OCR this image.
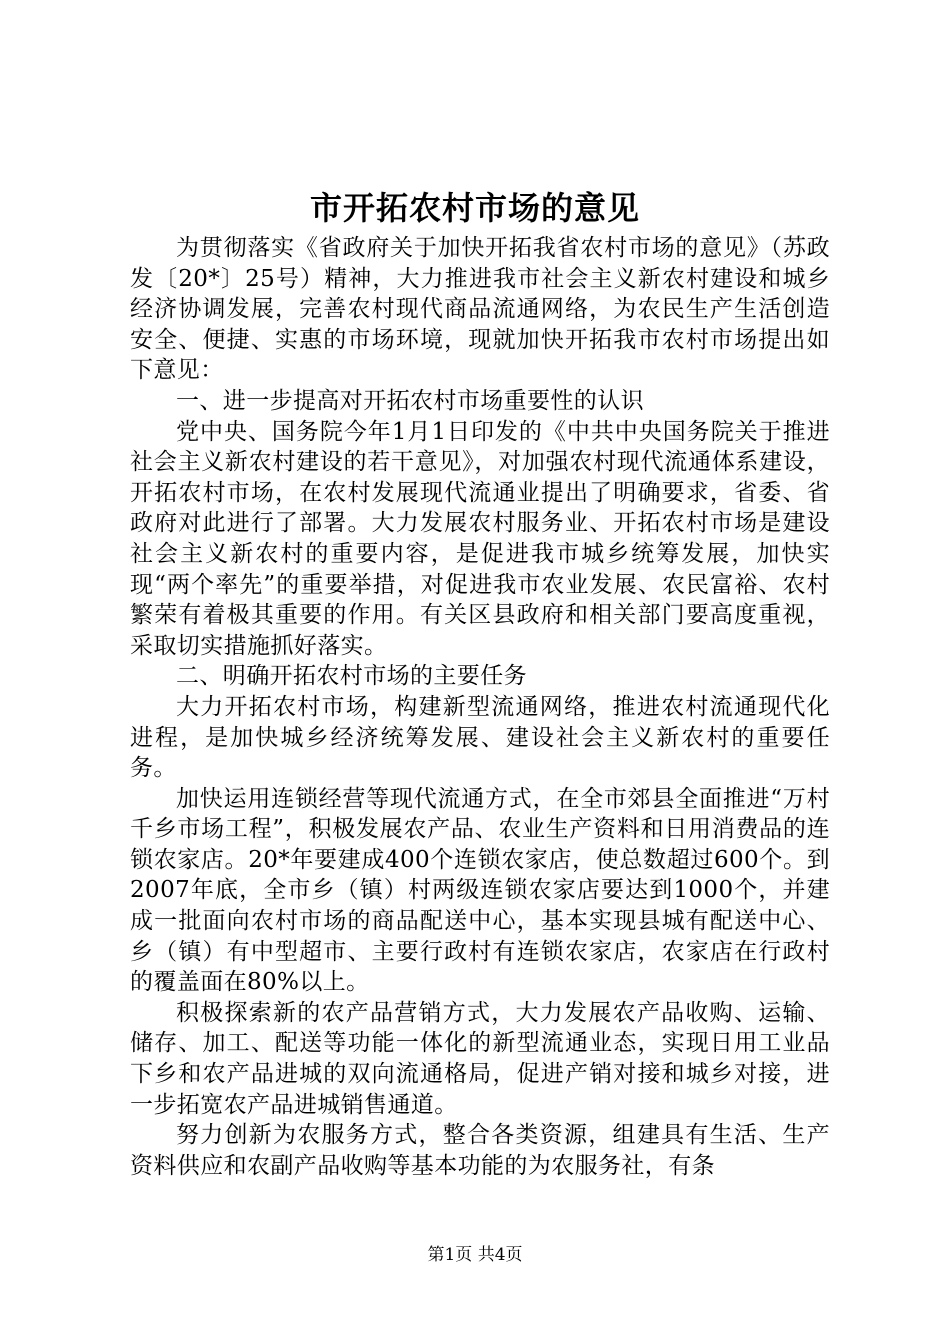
市开拓农村市场的意见

为贯彻落实《省政府关于加快开拓我省农村市场的意见》（苏政发〔20*〕25号）精神，大力推进我市社会主义新农村建设和城乡经济协调发展，完善农村现代商品流通网络，为农民生产生活创造安全、便捷、实惠的市场环境，现就加快开拓我市农村市场提出如下意见：

一、进一步提高对开拓农村市场重要性的认识

党中央、国务院今年1月1日印发的《中共中央国务院关于推进社会主义新农村建设的若干意见》，对加强农村现代流通体系建设，开拓农村市场，在农村发展现代流通业提出了明确要求，省委、省政府对此进行了部署。大力发展农村服务业、开拓农村市场是建设社会主义新农村的重要内容，是促进我市城乡统筹发展，加快实现“两个率先”的重要举措，对促进我市农业发展、农民富裕、农村繁荣有着极其重要的作用。有关区县政府和相关部门要高度重视，采取切实措施抓好落实。

二、明确开拓农村市场的主要任务

大力开拓农村市场，构建新型流通网络，推进农村流通现代化进程，是加快城乡经济统筹发展、建设社会主义新农村的重要任务。

加快运用连锁经营等现代流通方式，在全市郊县全面推进“万村千乡市场工程”，积极发展农产品、农业生产资料和日用消费品的连锁农家店。20*年要建成400个连锁农家店，使总数超过600个。到2007年底，全市乡（镇）村两级连锁农家店要达到1000个，并建成一批面向农村市场的商品配送中心，基本实现县城有配送中心、乡（镇）有中型超市、主要行政村有连锁农家店，农家店在行政村的覆盖面在80%以上。

积极探索新的农产品营销方式，大力发展农产品收购、运输、储存、加工、配送等功能一体化的新型流通业态，实现日用工业品下乡和农产品进城的双向流通格局，促进产销对接和城乡对接，进一步拓宽农产品进城销售通道。

努力创新为农服务方式，整合各类资源，组建具有生活、生产资料供应和农副产品收购等基本功能的为农服务社，有条

第1页 共4页
